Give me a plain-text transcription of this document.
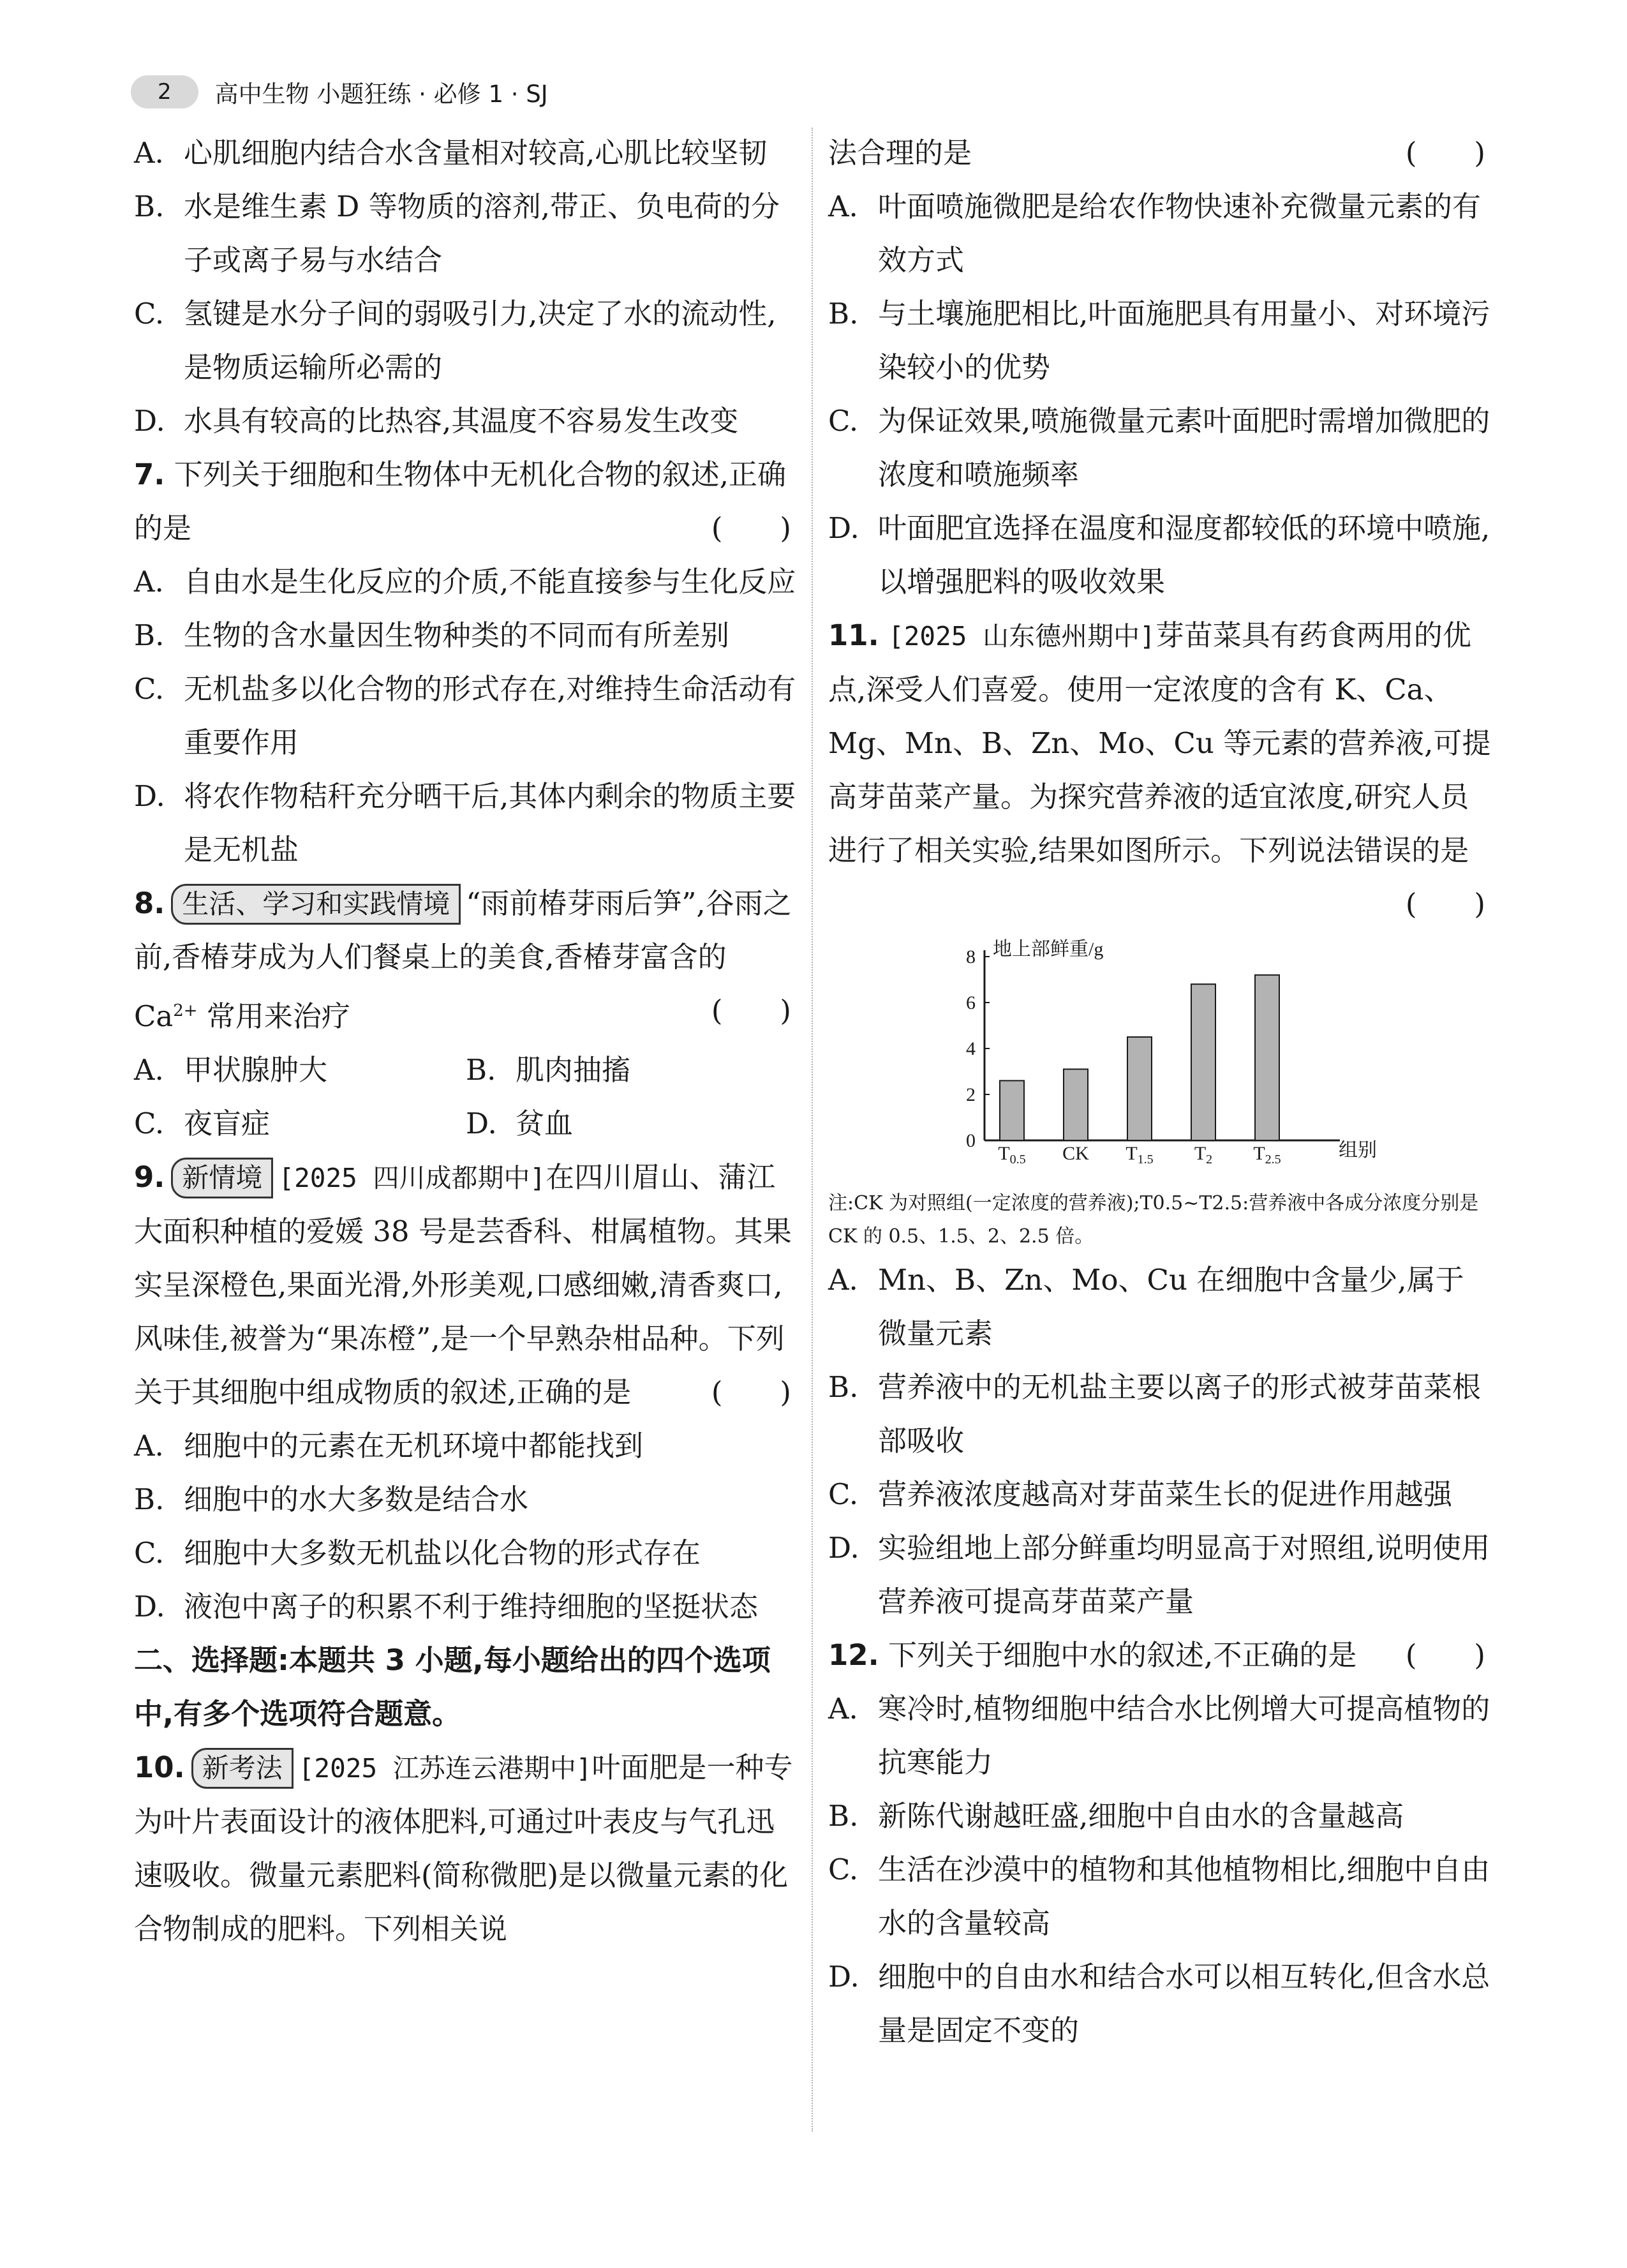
2	高中生物 小题狂练 · 必修 1 · SJ
A. 心肌细胞内结合水含量相对较高,心肌比较坚韧
B. 水是维生素 D 等物质的溶剂,带正、负电荷的分子或离子易与水结合
C. 氢键是水分子间的弱吸引力,决定了水的流动性,是物质运输所必需的
D. 水具有较高的比热容,其温度不容易发生改变

7. 下列关于细胞和生物体中无机化合物的叙述,正确的是	(　　)

A. 自由水是生化反应的介质,不能直接参与生化反应
B. 生物的含水量因生物种类的不同而有所差别
C. 无机盐多以化合物的形式存在,对维持生命活动有重要作用
D. 将农作物秸秆充分晒干后,其体内剩余的物质主要是无机盐

8. 生活、学习和实践情境 “雨前椿芽雨后笋”,谷雨之前,香椿芽成为人们餐桌上的美食,香椿芽富含的 $Ca^{2+}$ 常用来治疗	(　　)

A. 甲状腺肿大	B. 肌肉抽搐
C. 夜盲症	D. 贫血

9. 新情境 [2025 四川成都期中]在四川眉山、蒲江大面积种植的爱媛 38 号是芸香科、柑属植物。其果实呈深橙色,果面光滑,外形美观,口感细嫩,清香爽口,风味佳,被誉为“果冻橙”,是一个早熟杂柑品种。下列关于其细胞中组成物质的叙述,正确的是	(　　)

A. 细胞中的元素在无机环境中都能找到
B. 细胞中的水大多数是结合水
C. 细胞中大多数无机盐以化合物的形式存在
D. 液泡中离子的积累不利于维持细胞的坚挺状态

二、选择题:本题共 3 小题,每小题给出的四个选项中,有多个选项符合题意。

10. 新考法 [2025 江苏连云港期中]叶面肥是一种专为叶片表面设计的液体肥料,可通过叶表皮与气孔迅速吸收。微量元素肥料(简称微肥)是以微量元素的化合物制成的肥料。下列相关说

法合理的是	(　　)

A. 叶面喷施微肥是给农作物快速补充微量元素的有效方式
B. 与土壤施肥相比,叶面施肥具有用量小、对环境污染较小的优势
C. 为保证效果,喷施微量元素叶面肥时需增加微肥的浓度和喷施频率
D. 叶面肥宜选择在温度和湿度都较低的环境中喷施,以增强肥料的吸收效果

11. [2025 山东德州期中]芽苗菜具有药食两用的优点,深受人们喜爱。使用一定浓度的含有 K、Ca、Mg、Mn、B、Zn、Mo、Cu 等元素的营养液,可提高芽苗菜产量。为探究营养液的适宜浓度,研究人员进行了相关实验,结果如图所示。下列说法错误的是
(　　)

地上部鲜重/g
组别
0
2
4
6
8
$T_{0.5}$ CK $T_{1.5}$ $T_2$ $T_{2.5}$
注:CK 为对照组(一定浓度的营养液);T0.5~T2.5:营养液中各成分浓度分别是 CK 的 0.5、1.5、2、2.5 倍。
A. Mn、B、Zn、Mo、Cu 在细胞中含量少,属于微量元素
B. 营养液中的无机盐主要以离子的形式被芽苗菜根部吸收
C. 营养液浓度越高对芽苗菜生长的促进作用越强
D. 实验组地上部分鲜重均明显高于对照组,说明使用营养液可提高芽苗菜产量

12. 下列关于细胞中水的叙述,不正确的是 (　　)

A. 寒冷时,植物细胞中结合水比例增大可提高植物的抗寒能力
B. 新陈代谢越旺盛,细胞中自由水的含量越高
C. 生活在沙漠中的植物和其他植物相比,细胞中自由水的含量较高
D. 细胞中的自由水和结合水可以相互转化,但含水总量是固定不变的
